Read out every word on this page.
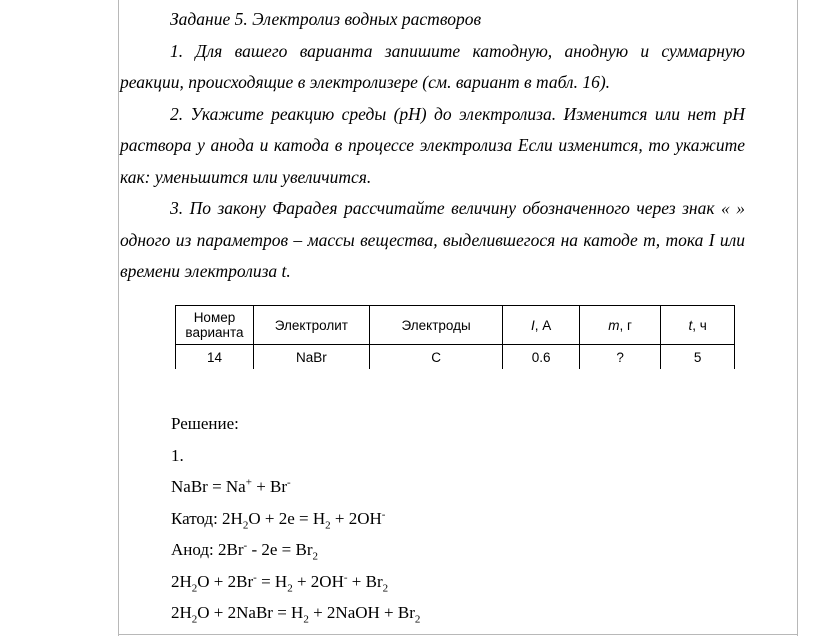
Задание 5. Электролиз водных растворов

1. Для вашего варианта запишите катодную, анодную и суммарную реакции, происходящие в электролизере (см. вариант в табл. 16).

2. Укажите реакцию среды (рН) до электролиза. Изменится или нет рН раствора у анода и катода в процессе электролиза Если изменится, то укажите как: уменьшится или увеличится.

3. По закону Фарадея рассчитайте величину обозначенного через знак « » одного из параметров – массы вещества, выделившегося на катоде m, тока I или времени электролиза t.

Номер варианта	Электролит	Электроды	I, А	m, г	t, ч
14	NaBr	C	0.6	?	5
Решение:
1.
NaBr = Na+ + Br-
Катод: $2H_2O + 2e = H_2 + 2OH^-$
Анод: $2Br^- - 2e = Br_2$
$2H_2O + 2Br^- = H_2 + 2OH^- + Br_2$
$2H_2O$ + 2NaBr = $H_2$ + 2NaOH + $Br_2$
